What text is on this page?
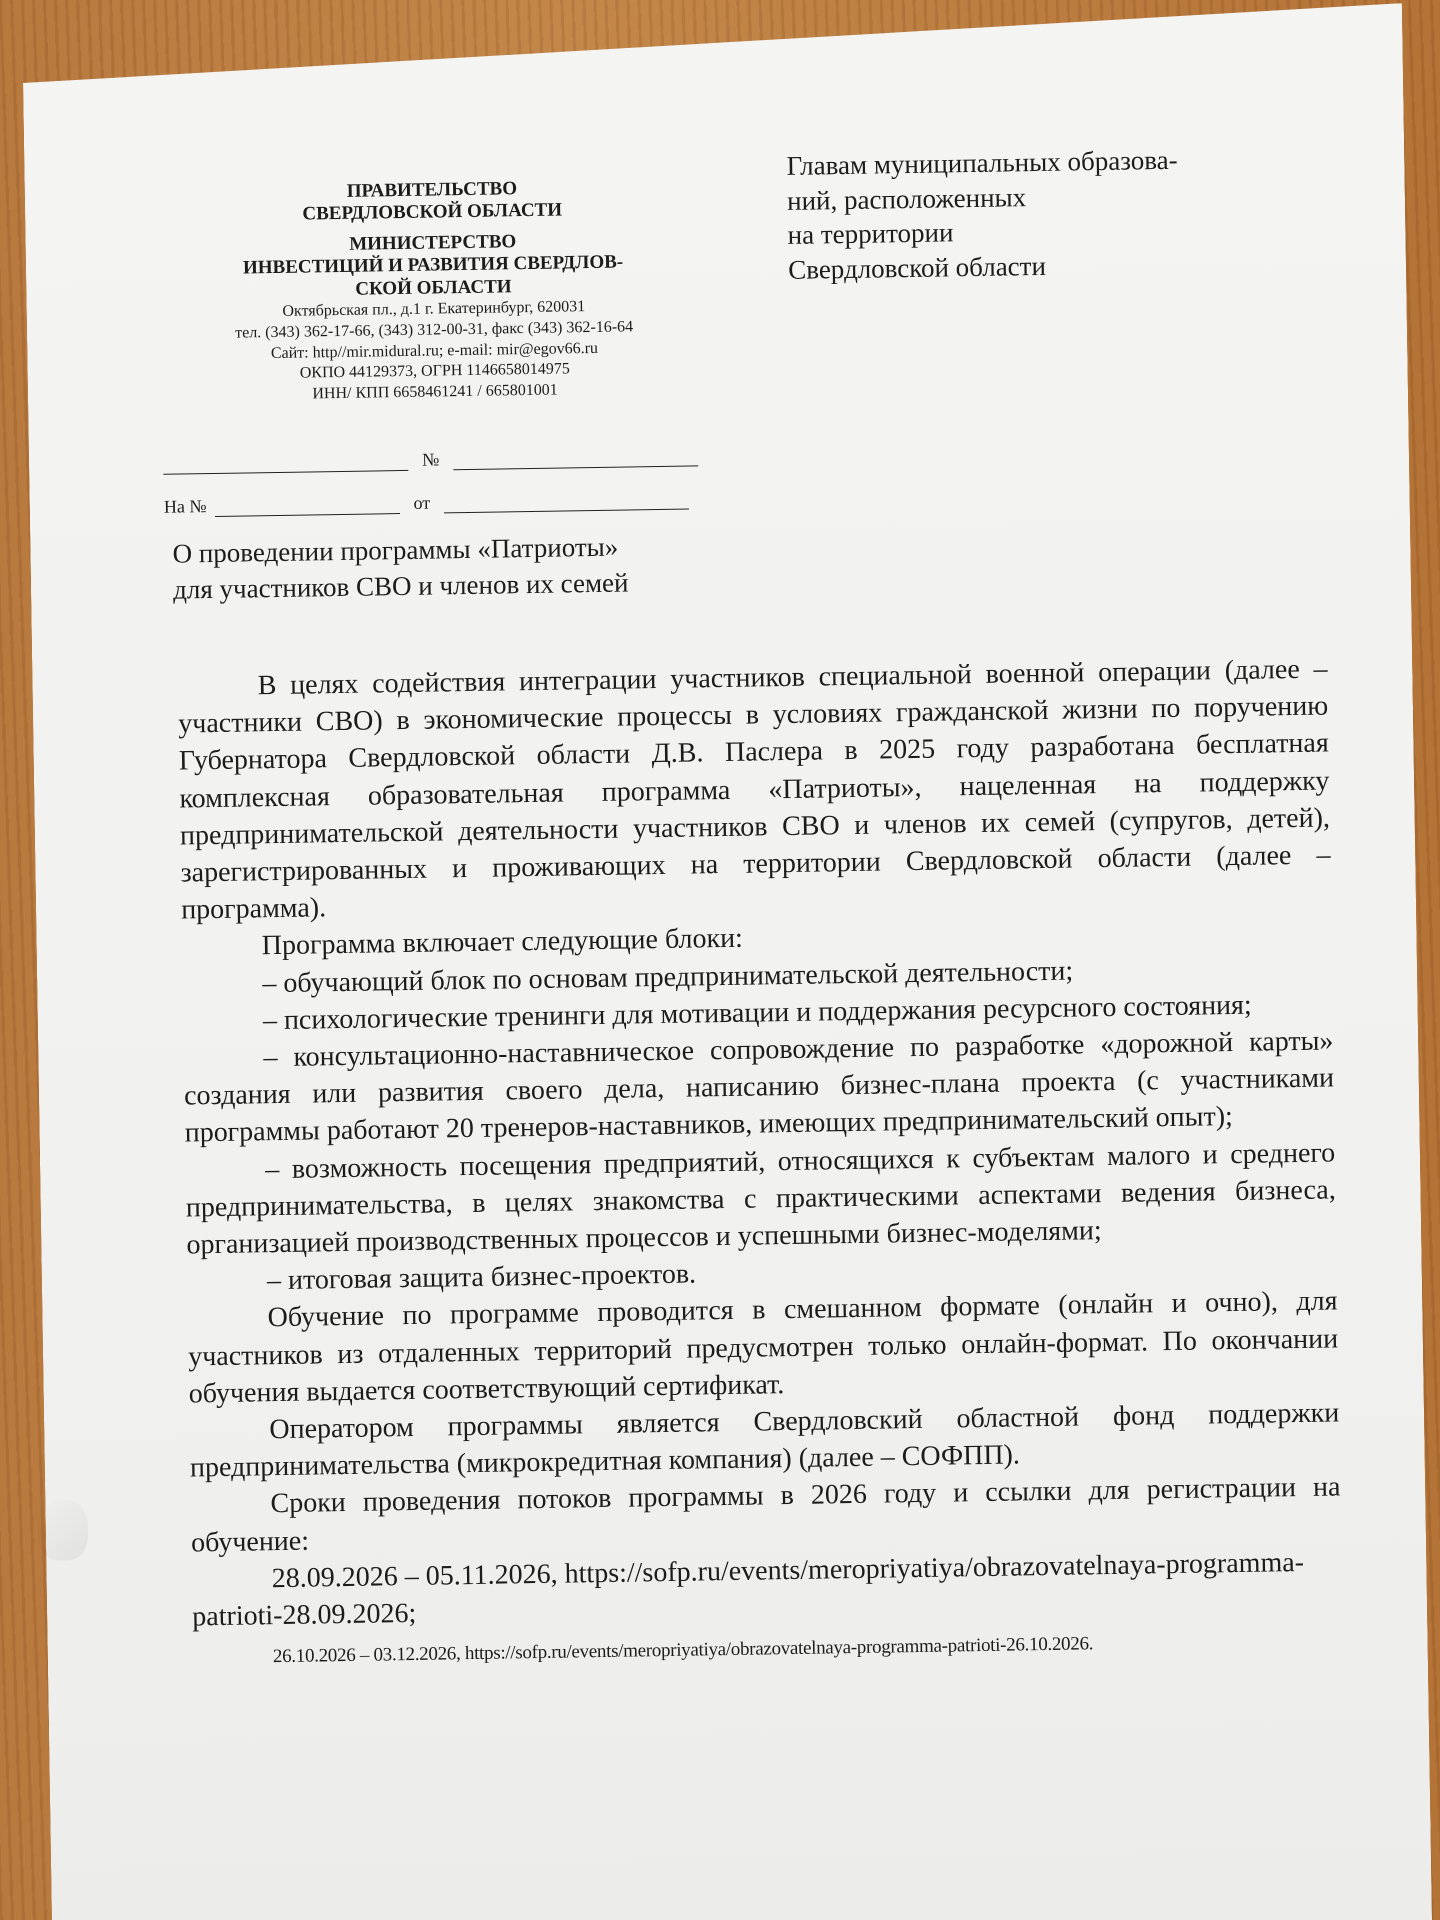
ПРАВИТЕЛЬСТВО
СВЕРДЛОВСКОЙ ОБЛАСТИ
МИНИСТЕРСТВО
ИНВЕСТИЦИЙ И РАЗВИТИЯ СВЕРДЛОВ-
СКОЙ ОБЛАСТИ
Октябрьская пл., д.1 г. Екатеринбург, 620031
тел. (343) 362-17-66, (343) 312-00-31, факс (343) 362-16-64
Сайт: http//mir.midural.ru; e-mail: mir@egov66.ru
ОКПО 44129373, ОГРН 1146658014975
ИНН/ КПП 6658461241 / 665801001
№
На №	от
Главам муниципальных образова-
ний, расположенных
на территории
Свердловской области
О проведении программы «Патриоты»
для участников СВО и членов их семей

В целях содействия интеграции участников специальной военной операции (далее – участники СВО) в экономические процессы в условиях гражданской жизни по поручению Губернатора Свердловской области Д.В. Паслера в 2025 году разработана бесплатная комплексная образовательная программа «Патриоты», нацеленная на поддержку предпринимательской деятельности участников СВО и членов их семей (супругов, детей), зарегистрированных и проживающих на территории Свердловской области (далее – программа).

Программа включает следующие блоки:

– обучающий блок по основам предпринимательской деятельности;

– психологические тренинги для мотивации и поддержания ресурсного состояния;

– консультационно-наставническое сопровождение по разработке «дорожной карты» создания или развития своего дела, написанию бизнес-плана проекта (с участниками программы работают 20 тренеров-наставников, имеющих предпринимательский опыт);

– возможность посещения предприятий, относящихся к субъектам малого и среднего предпринимательства, в целях знакомства с практическими аспектами ведения бизнеса, организацией производственных процессов и успешными бизнес-моделями;

– итоговая защита бизнес-проектов.

Обучение по программе проводится в смешанном формате (онлайн и очно), для участников из отдаленных территорий предусмотрен только онлайн-формат. По окончании обучения выдается соответствующий сертификат.

Оператором программы является Свердловский областной фонд поддержки предпринимательства (микрокредитная компания) (далее – СОФПП).

Сроки проведения потоков программы в 2026 году и ссылки для регистрации на обучение:

28.09.2026 – 05.11.2026, https://sofp.ru/events/meropriyatiya/obrazovatelnaya-programma-patrioti-28.09.2026;

26.10.2026 – 03.12.2026, https://sofp.ru/events/meropriyatiya/obrazovatelnaya-programma-patrioti-26.10.2026.
